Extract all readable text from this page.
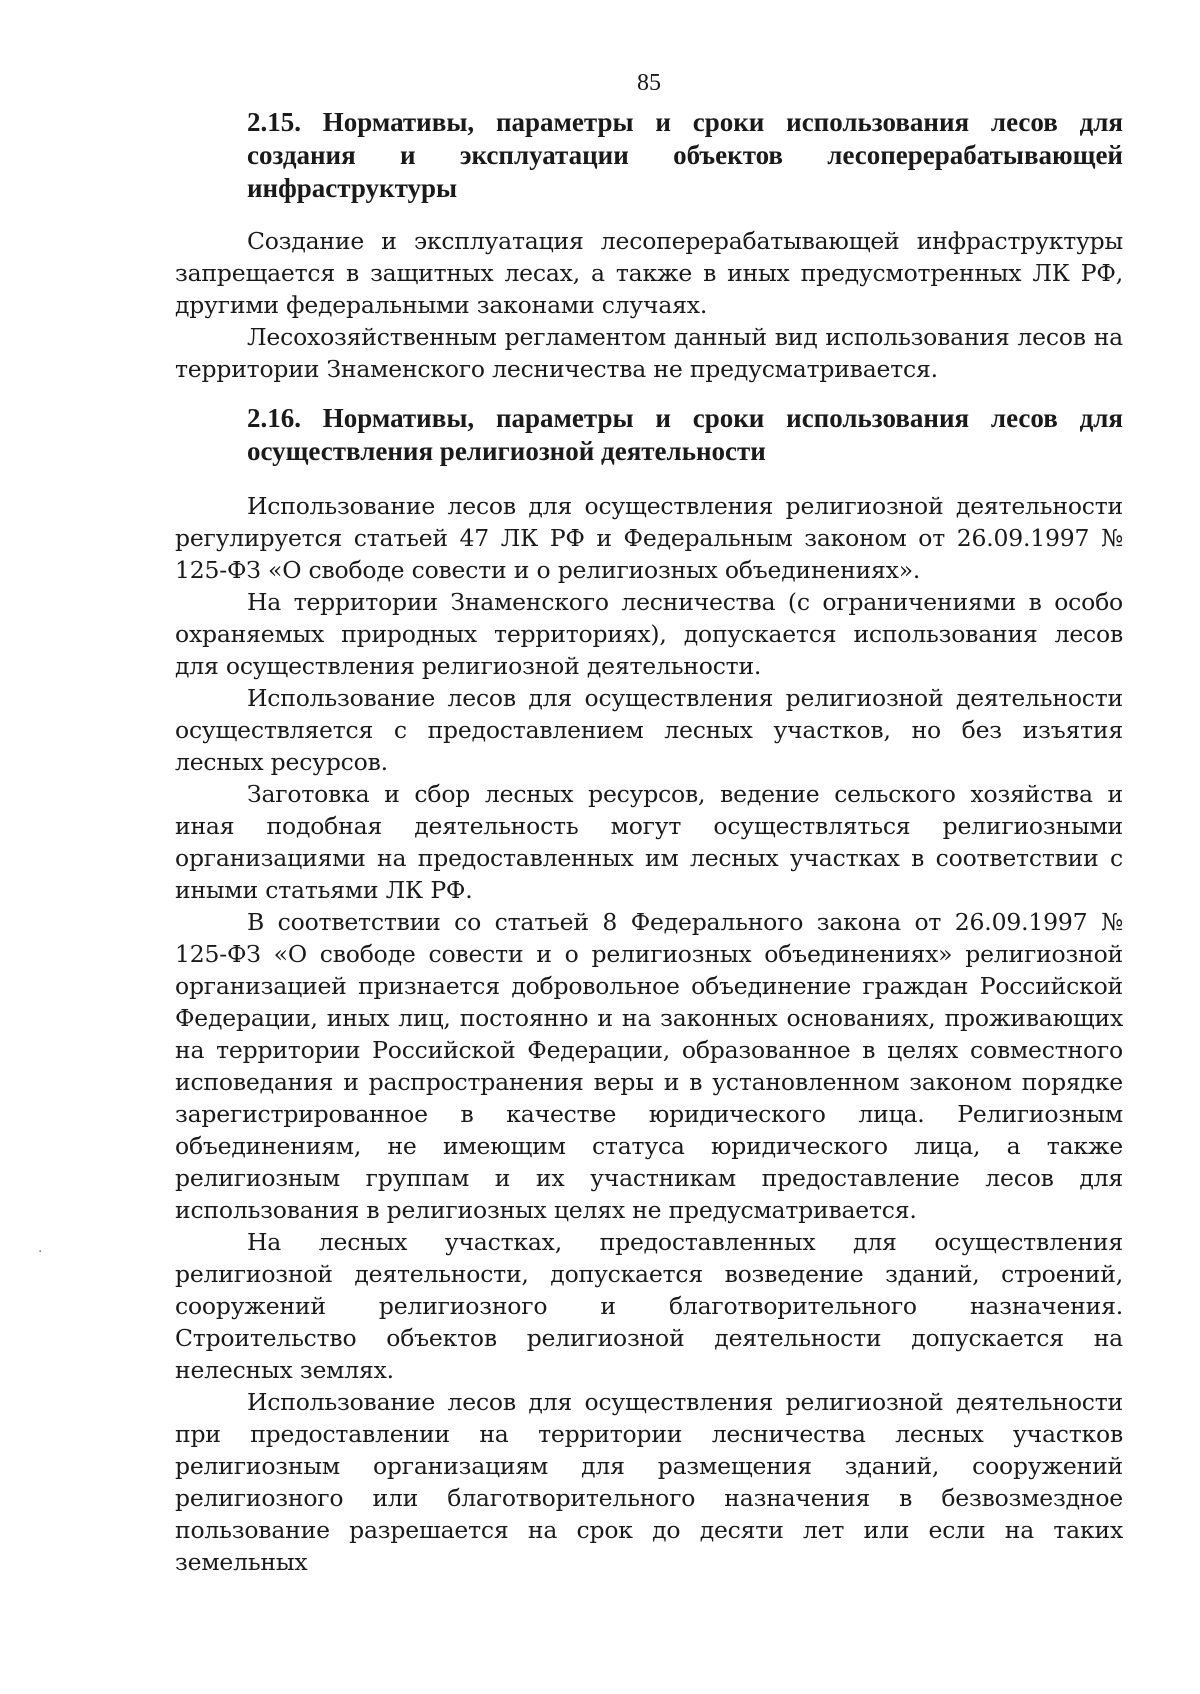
85
2.15. Нормативы, параметры и сроки использования лесов для создания и эксплуатации объектов лесоперерабатывающей инфраструктуры

Создание и эксплуатация лесоперерабатывающей инфраструктуры запрещается в защитных лесах, а также в иных предусмотренных ЛК РФ, другими федеральными законами случаях.

Лесохозяйственным регламентом данный вид использования лесов на территории Знаменского лесничества не предусматривается.

2.16. Нормативы, параметры и сроки использования лесов для осуществления религиозной деятельности

Использование лесов для осуществления религиозной деятельности регулируется статьей 47 ЛК РФ и Федеральным законом от 26.09.1997 № 125-ФЗ «О свободе совести и о религиозных объединениях».

На территории Знаменского лесничества (с ограничениями в особо охраняемых природных территориях), допускается использования лесов для осуществления религиозной деятельности.

Использование лесов для осуществления религиозной деятельности осуществляется с предоставлением лесных участков, но без изъятия лесных ресурсов.

Заготовка и сбор лесных ресурсов, ведение сельского хозяйства и иная подобная деятельность могут осуществляться религиозными организациями на предоставленных им лесных участках в соответствии с иными статьями ЛК РФ.

В соответствии со статьей 8 Федерального закона от 26.09.1997 № 125-ФЗ «О свободе совести и о религиозных объединениях» религиозной организацией признается добровольное объединение граждан Российской Федерации, иных лиц, постоянно и на законных основаниях, проживающих на территории Российской Федерации, образованное в целях совместного исповедания и распространения веры и в установленном законом порядке зарегистрированное в качестве юридического лица. Религиозным объединениям, не имеющим статуса юридического лица, а также религиозным группам и их участникам предоставление лесов для использования в религиозных целях не предусматривается.

На лесных участках, предоставленных для осуществления религиозной деятельности, допускается возведение зданий, строений, сооружений религиозного и благотворительного назначения. Строительство объектов религиозной деятельности допускается на нелесных землях.

Использование лесов для осуществления религиозной деятельности при предоставлении на территории лесничества лесных участков религиозным организациям для размещения зданий, сооружений религиозного или благотворительного назначения в безвозмездное пользование разрешается на срок до десяти лет или если на таких земельных

·
